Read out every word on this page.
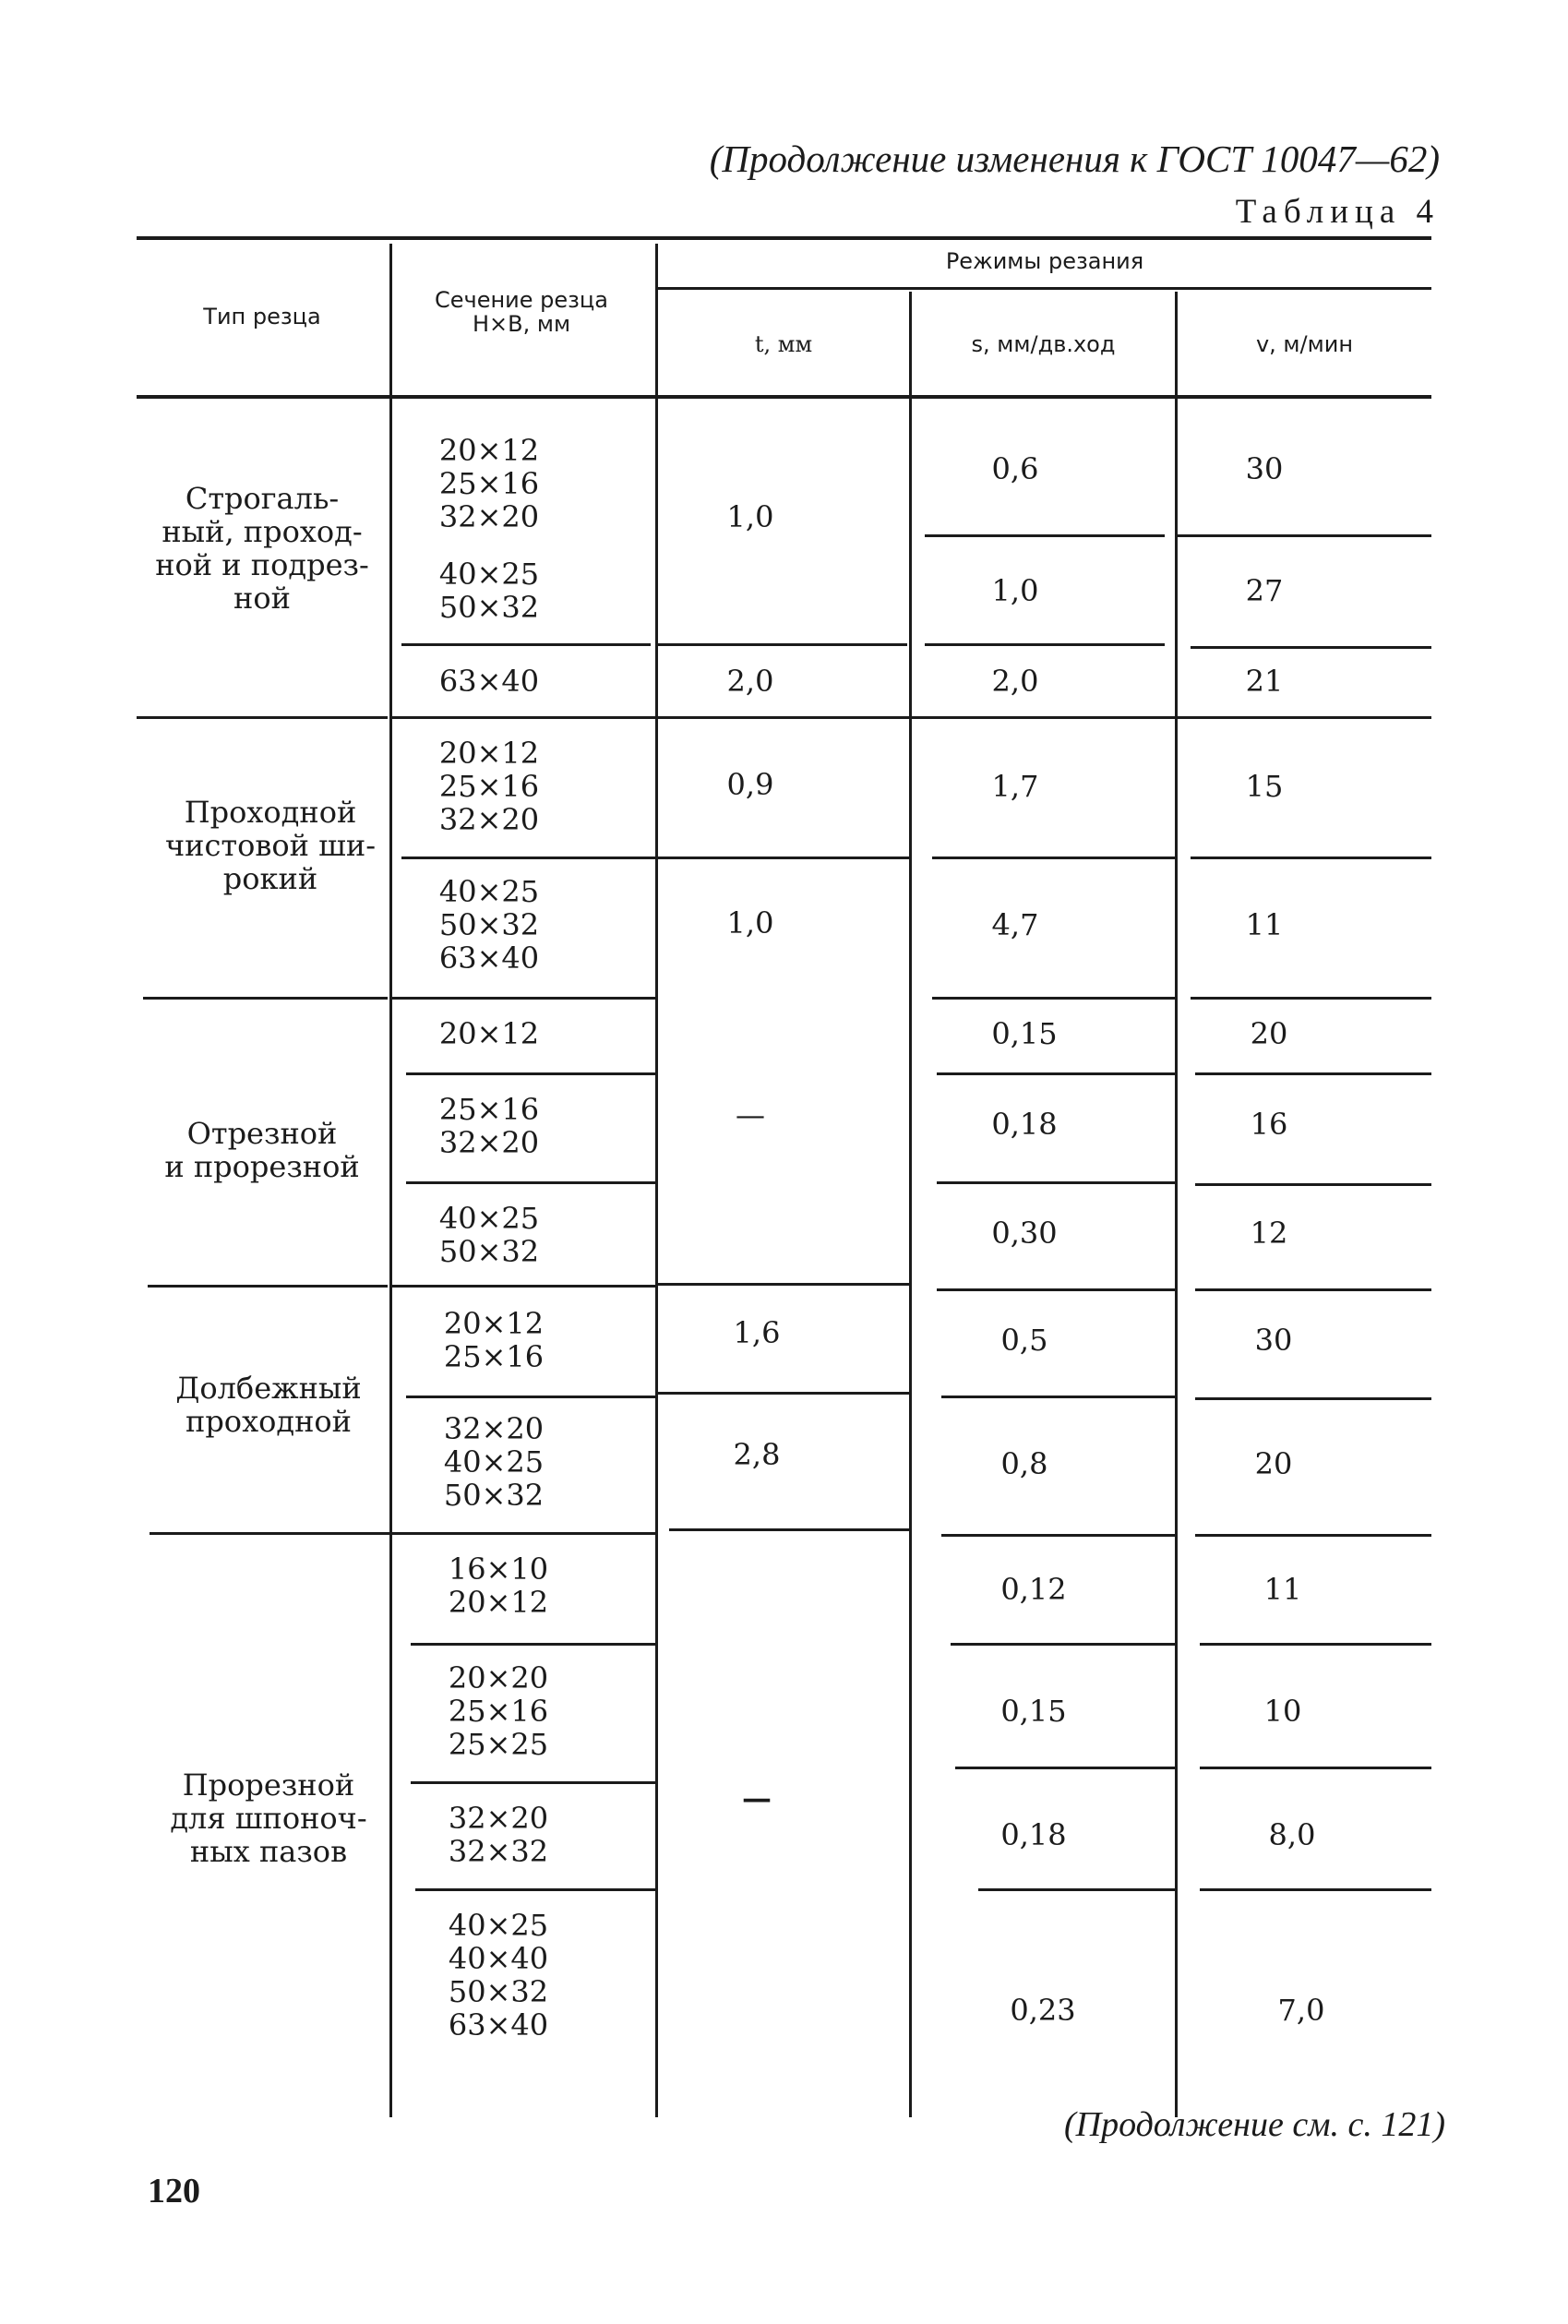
(Продолжение изменения к ГОСТ 10047—62)
Таблица 4
Тип резца
Сечение резца H×B, мм
Режимы резания
t, мм	s, мм/дв.ход	v, м/мин
Строгаль-
ный, проход-
ной и подрез-
ной
20×12
25×16
32×20
40×25
50×32
63×40
1,0
2,0
0,6
1,0
2,0
30
27
21
Проходной
чистовой ши-
рокий
20×12
25×16
32×20
40×25
50×32
63×40
0,9
1,0
1,7
4,7
15
11
Отрезной
и прорезной
20×12
25×16
32×20
40×25
50×32
—
0,15
0,18
0,30
20
16
12
Долбежный
проходной
20×12
25×16
32×20
40×25
50×32
1,6
2,8
0,5
0,8
30
20
Прорезной
для шпоноч-
ных пазов
16×10
20×12
20×20
25×16
25×25
32×20
32×32
40×25
40×40
50×32
63×40
—
0,12
0,15
0,18
0,23
11
10
8,0
7,0
(Продолжение см. с. 121)
120
